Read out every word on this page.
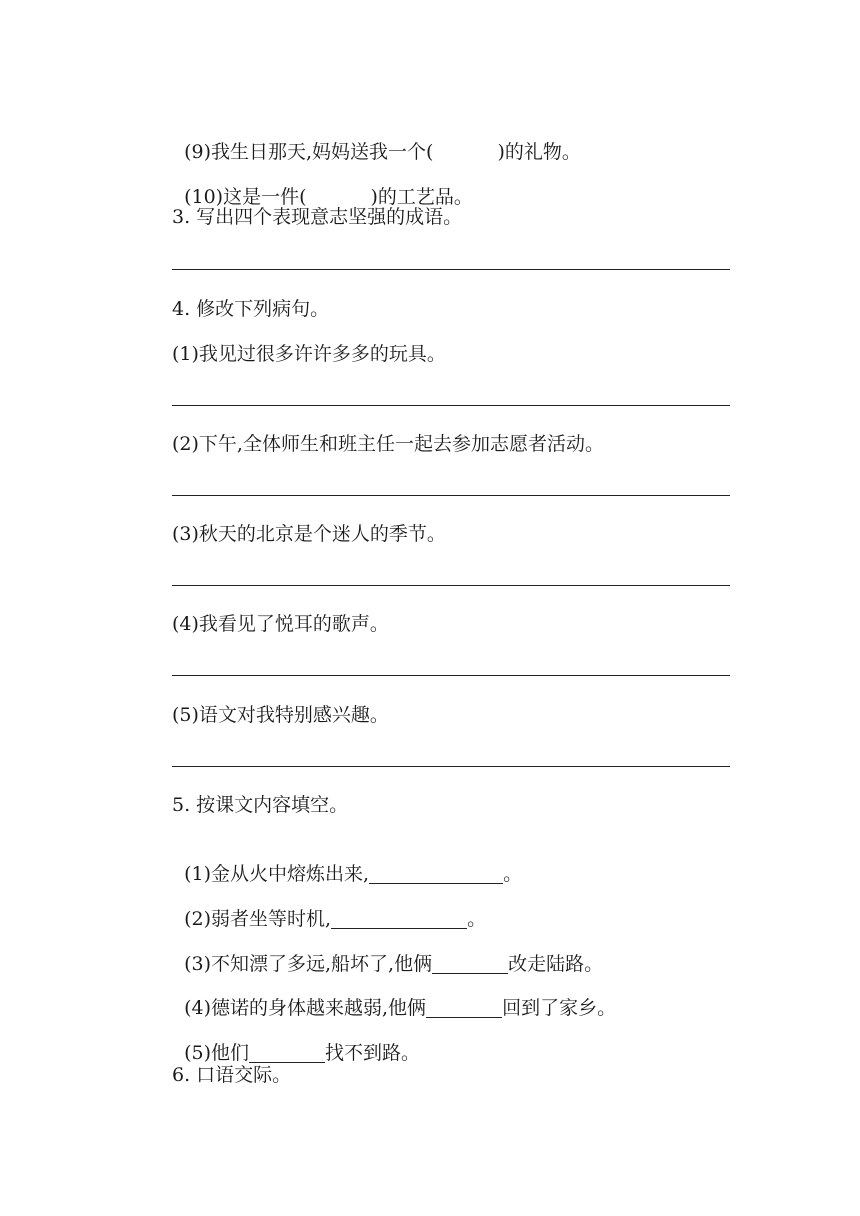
(9)我生日那天,妈妈送我一个(	)的礼物。

(10)这是一件(	)的工艺品。

3. 写出四个表现意志坚强的成语。
4. 修改下列病句。
(1)我见过很多许许多多的玩具。
(2)下午,全体师生和班主任一起去参加志愿者活动。
(3)秋天的北京是个迷人的季节。
(4)我看见了悦耳的歌声。
(5)语文对我特别感兴趣。
5. 按课文内容填空。

(1)金从火中熔炼出来,	。

(2)弱者坐等时机,	。

(3)不知漂了多远,船坏了,他俩	改走陆路。

(4)德诺的身体越来越弱,他俩	回到了家乡。

(5)他们	找不到路。

6. 口语交际。
